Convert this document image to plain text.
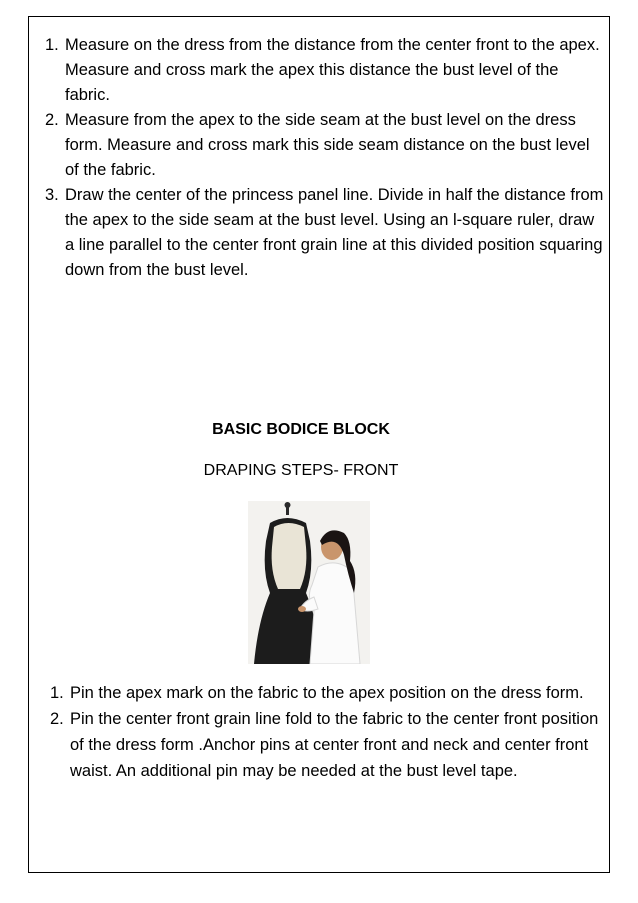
1. Measure on the dress from the distance from the center front to the apex. Measure and cross mark the apex this distance the bust level of the fabric.
2. Measure from the apex to the side seam at the bust level on the dress form. Measure and cross mark this side seam distance on the bust level of the fabric.
3. Draw the center of the princess panel line. Divide in half the distance from the apex to the side seam at the bust level. Using an l-square ruler, draw a line parallel to the center front grain line at this divided position squaring down from the bust level.
BASIC BODICE BLOCK
DRAPING STEPS- FRONT
1. Pin the apex mark on the fabric to the apex position on the dress form.
2. Pin the center front grain line fold to the fabric to the center front position of the dress form .Anchor pins at center front and neck and center front waist. An additional pin may be needed at the bust level tape.
